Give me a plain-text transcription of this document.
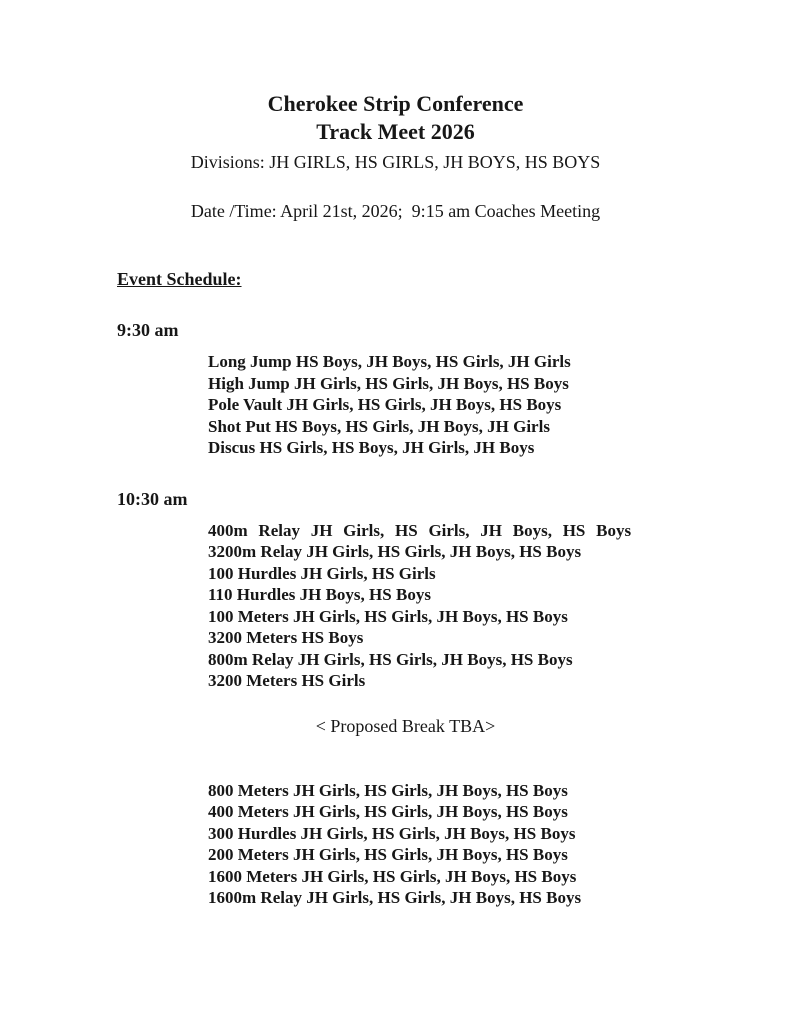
Cherokee Strip Conference
Track Meet 2026
Divisions: JH GIRLS, HS GIRLS, JH BOYS, HS BOYS
Date /Time: April 21st, 2026;  9:15 am Coaches Meeting
Event Schedule:
9:30 am
Long Jump HS Boys, JH Boys, HS Girls, JH Girls
High Jump JH Girls, HS Girls, JH Boys, HS Boys
Pole Vault JH Girls, HS Girls, JH Boys, HS Boys
Shot Put HS Boys, HS Girls, JH Boys, JH Girls
Discus HS Girls, HS Boys, JH Girls, JH Boys
10:30 am
400m Relay JH Girls, HS Girls, JH Boys, HS Boys
3200m Relay JH Girls, HS Girls, JH Boys, HS Boys
100 Hurdles JH Girls, HS Girls
110 Hurdles JH Boys, HS Boys
100 Meters JH Girls, HS Girls, JH Boys, HS Boys
3200 Meters HS Boys
800m Relay JH Girls, HS Girls, JH Boys, HS Boys
3200 Meters HS Girls
< Proposed Break TBA>
800 Meters JH Girls, HS Girls, JH Boys, HS Boys
400 Meters JH Girls, HS Girls, JH Boys, HS Boys
300 Hurdles JH Girls, HS Girls, JH Boys, HS Boys
200 Meters JH Girls, HS Girls, JH Boys, HS Boys
1600 Meters JH Girls, HS Girls, JH Boys, HS Boys
1600m Relay JH Girls, HS Girls, JH Boys, HS Boys
